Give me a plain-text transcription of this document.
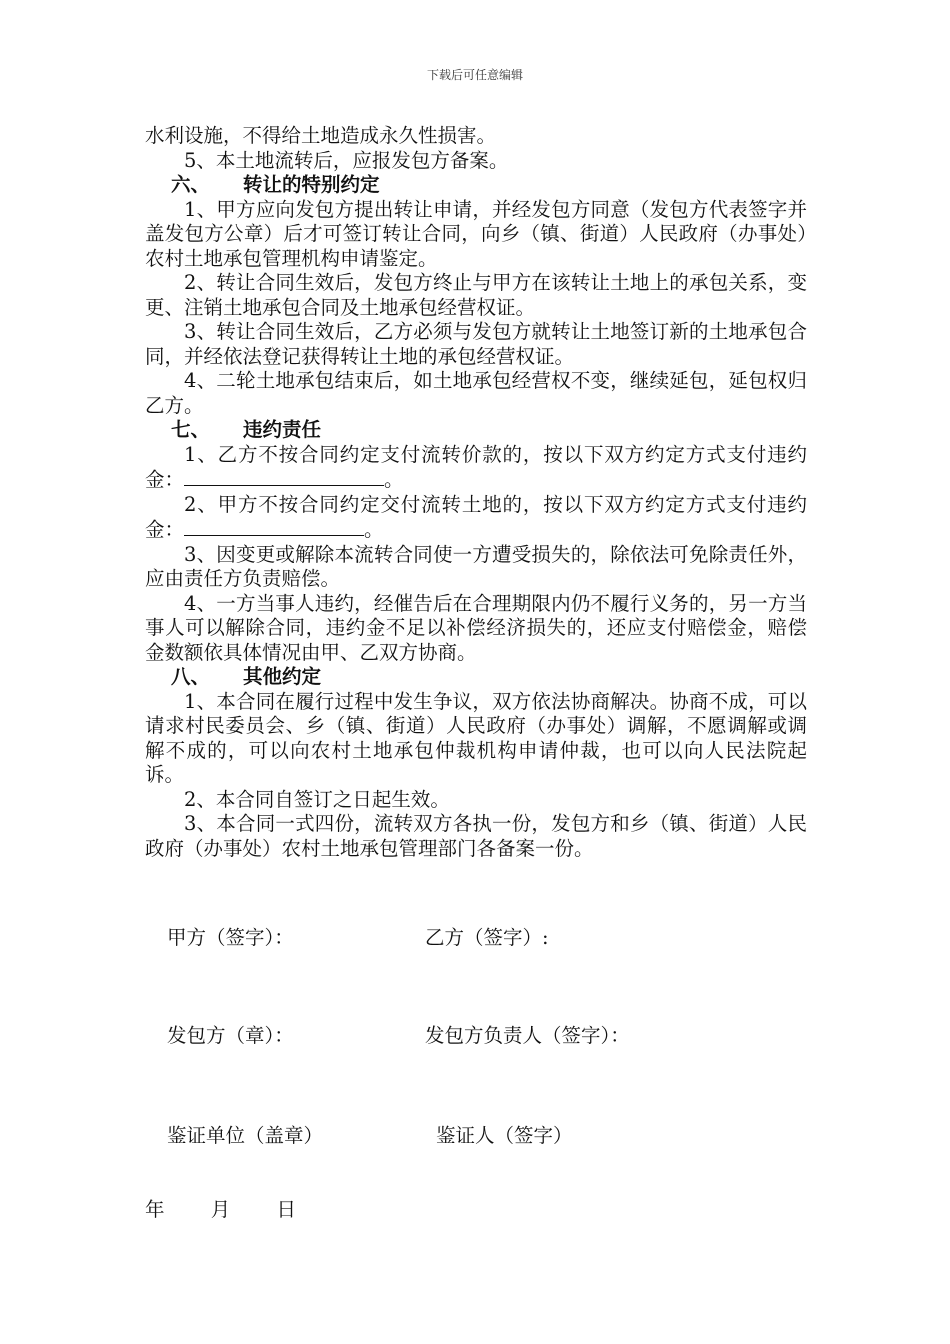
下载后可任意编辑

水利设施，不得给土地造成永久性损害。

5、本土地流转后，应报发包方备案。

六、 转让的特别约定

1、甲方应向发包方提出转让申请，并经发包方同意（发包方代表签字并盖发包方公章）后才可签订转让合同，向乡（镇、街道）人民政府（办事处）农村土地承包管理机构申请鉴定。

2、转让合同生效后，发包方终止与甲方在该转让土地上的承包关系，变更、注销土地承包合同及土地承包经营权证。

3、转让合同生效后，乙方必须与发包方就转让土地签订新的土地承包合同，并经依法登记获得转让土地的承包经营权证。

4、二轮土地承包结束后，如土地承包经营权不变，继续延包，延包权归乙方。

七、 违约责任

1、乙方不按合同约定支付流转价款的，按以下双方约定方式支付违约金：	。

2、甲方不按合同约定交付流转土地的，按以下双方约定方式支付违约金：	。

3、因变更或解除本流转合同使一方遭受损失的，除依法可免除责任外，应由责任方负责赔偿。

4、一方当事人违约，经催告后在合理期限内仍不履行义务的，另一方当事人可以解除合同，违约金不足以补偿经济损失的，还应支付赔偿金，赔偿金数额依具体情况由甲、乙双方协商。

八、 其他约定

1、本合同在履行过程中发生争议，双方依法协商解决。协商不成，可以请求村民委员会、乡（镇、街道）人民政府（办事处）调解，不愿调解或调解不成的，可以向农村土地承包仲裁机构申请仲裁，也可以向人民法院起诉。

2、本合同自签订之日起生效。

3、本合同一式四份，流转双方各执一份，发包方和乡（镇、街道）人民政府（办事处）农村土地承包管理部门各备案一份。

甲方（签字）：	乙方（签字）:
发包方（章）：	发包方负责人（签字）：
鉴证单位（盖章）	鉴证人（签字）
年 月 日
